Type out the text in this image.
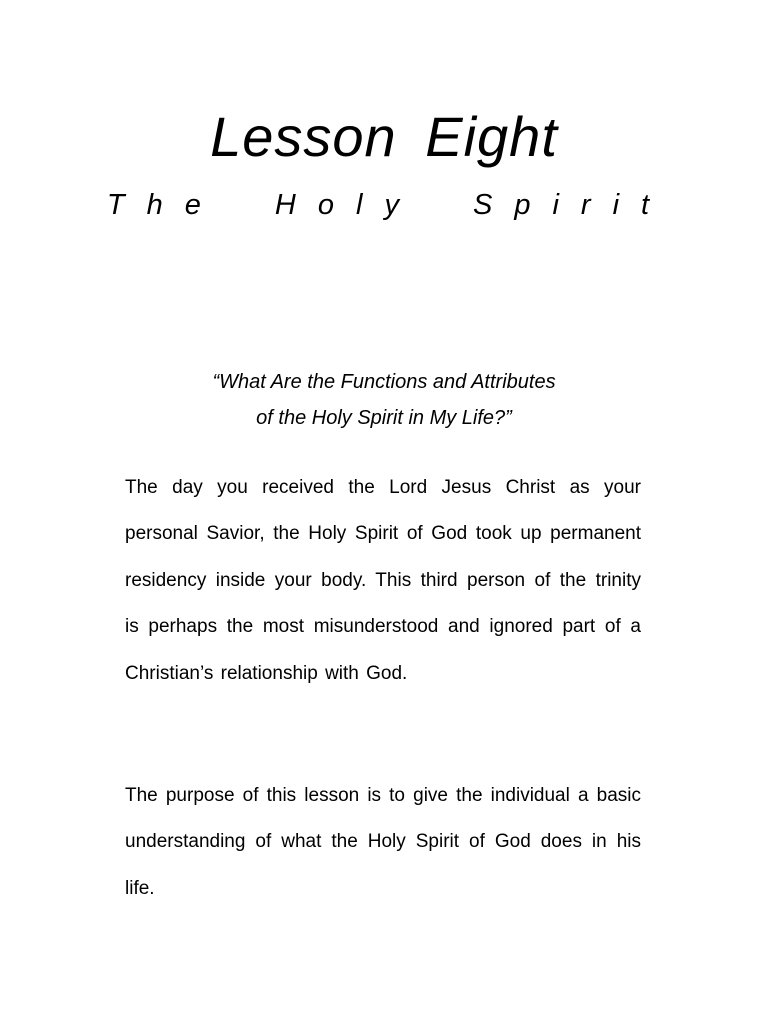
Lesson Eight
The Holy Spirit

“What Are the Functions and Attributes
of the Holy Spirit in My Life?”

The day you received the Lord Jesus Christ as your personal Savior, the Holy Spirit of God took up permanent residency inside your body. This third person of the trinity is perhaps the most misunderstood and ignored part of a Christian’s relationship with God.

The purpose of this lesson is to give the individual a basic understanding of what the Holy Spirit of God does in his life.
